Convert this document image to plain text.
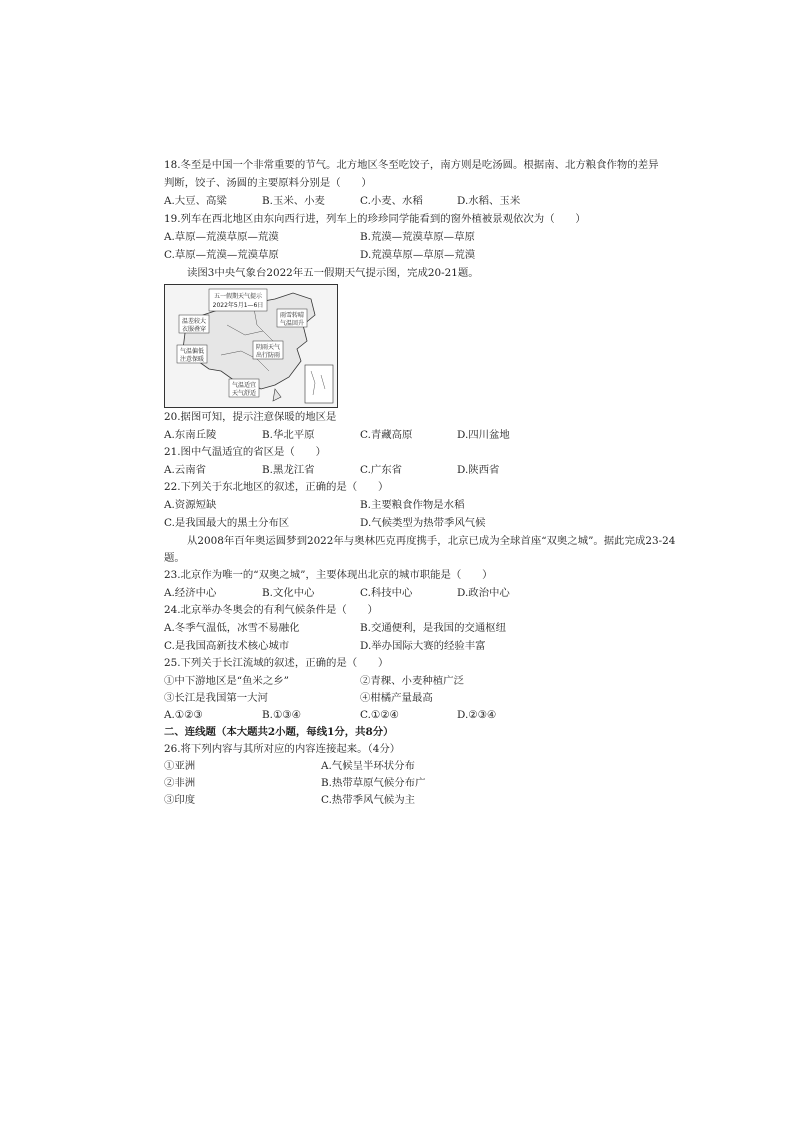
18.冬至是中国一个非常重要的节气。北方地区冬至吃饺子，南方则是吃汤圆。根据南、北方粮食作物的差异
判断，饺子、汤圆的主要原料分别是（　　）
A.大豆、高粱	B.玉米、小麦	C.小麦、水稻	D.水稻、玉米
19.列车在西北地区由东向西行进，列车上的珍珍同学能看到的窗外植被景观依次为（　　）
A.草原—荒漠草原—荒漠	B.荒漠—荒漠草原—草原
C.草原—荒漠—荒漠草原	D.荒漠草原—草原—荒漠
读图3中央气象台2022年五一假期天气提示图，完成20-21题。
五一假期天气提示
2022年5月1—6日
温差较大
衣服叠穿
雨雪转晴
气温回升
气温偏低
注意保暖
阴雨天气
出行防雨
气温适宜
天气舒适
20.据图可知，提示注意保暖的地区是
A.东南丘陵	B.华北平原	C.青藏高原	D.四川盆地
21.图中气温适宜的省区是（　　）
A.云南省	B.黑龙江省	C.广东省	D.陕西省
22.下列关于东北地区的叙述，正确的是（　　）
A.资源短缺	B.主要粮食作物是水稻
C.是我国最大的黑土分布区	D.气候类型为热带季风气候
从2008年百年奥运圆梦到2022年与奥林匹克再度携手，北京已成为全球首座“双奥之城”。据此完成23-24
题。
23.北京作为唯一的“双奥之城”，主要体现出北京的城市职能是（　　）
A.经济中心	B.文化中心	C.科技中心	D.政治中心
24.北京举办冬奥会的有利气候条件是（　　）
A.冬季气温低，冰雪不易融化	B.交通便利，是我国的交通枢纽
C.是我国高新技术核心城市	D.举办国际大赛的经验丰富
25.下列关于长江流域的叙述，正确的是（　　）
①中下游地区是“鱼米之乡”	②青稞、小麦种植广泛
③长江是我国第一大河	④柑橘产量最高
A.①②③	B.①③④	C.①②④	D.②③④
二、连线题（本大题共2小题，每线1分，共8分）
26.将下列内容与其所对应的内容连接起来。（4分）
①亚洲	A.气候呈半环状分布
②非洲	B.热带草原气候分布广
③印度	C.热带季风气候为主
